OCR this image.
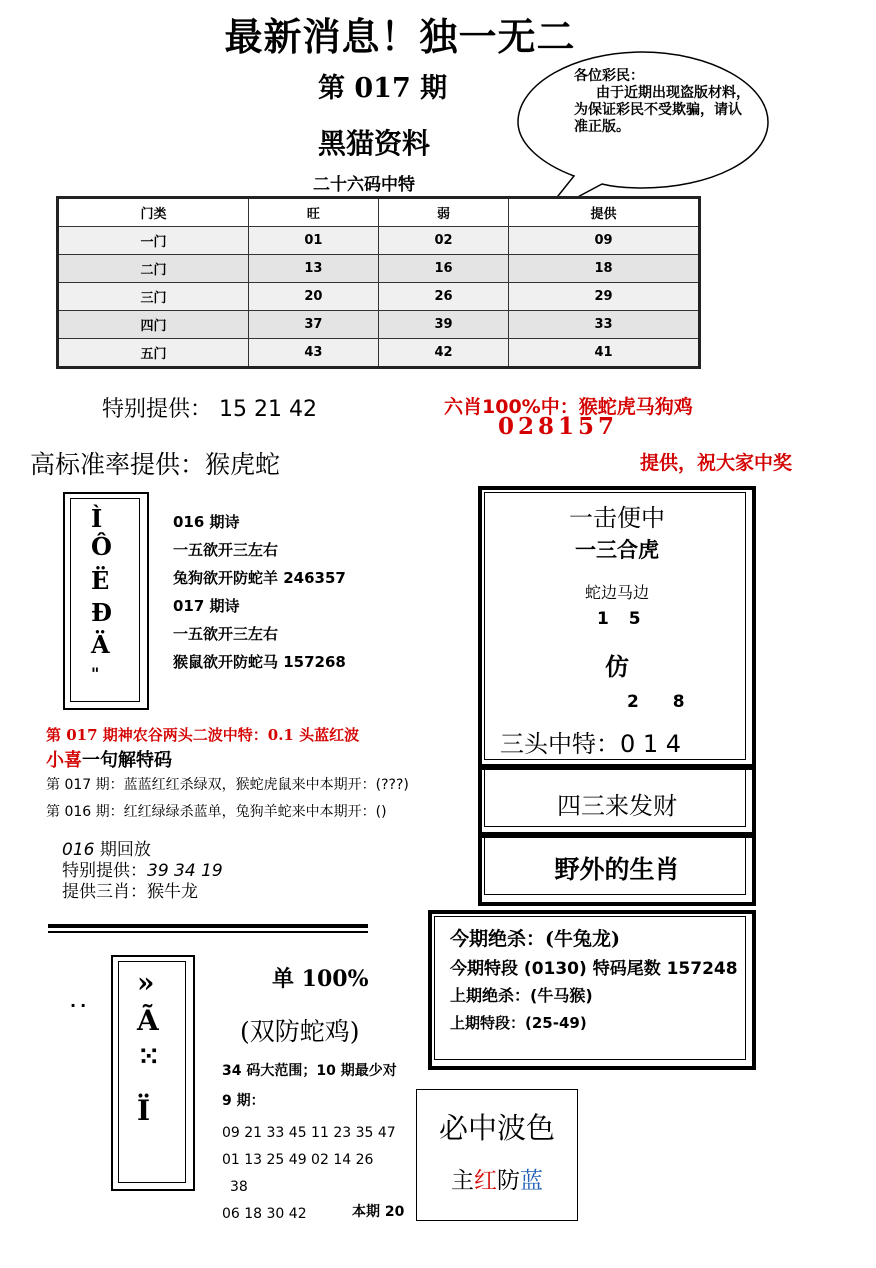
最新消息！独一无二
第 017 期
黑猫资料
二十六码中特
各位彩民：
由于近期出现盗版材料，为保证彩民不受欺骗，请认准正版。
门类	旺	弱	提供
一门	01	02	09
二门	13	16	18
三门	20	26	29
四门	37	39	33
五门	43	42	41
特别提供： 15 21 42	六肖100%中：猴蛇虎马狗鸡
028157
高标准率提供：猴虎蛇	提供，祝大家中奖
Ì
Ô
Ë
Ð
Ä
"
016 期诗
一五欲开三左右
兔狗欲开防蛇羊 246357
017 期诗
一五欲开三左右
猴鼠欲开防蛇马 157268
一击便中
一三合虎
蛇边马边
1 5
仿
2 8
三头中特：0 1 4
四三来发财
野外的生肖
第 017 期神农谷两头二波中特：0.1 头蓝红波
小喜一句解特码
第 017 期：蓝蓝红红杀绿双，猴蛇虎鼠来中本期开：(???)
第 016 期：红红绿绿杀蓝单，兔狗羊蛇来中本期开：()
016 期回放
特别提供：39 34 19
提供三肖：猴牛龙
今期绝杀：(牛兔龙)
今期特段 (0130) 特码尾数 157248
上期绝杀：(牛马猴)
上期特段：(25-49)
..
»
Ã
⁙
Ï
单 100%
(双防蛇鸡)
34 码大范围；10 期最少对
9 期：
09 21 33 45 11 23 35 47
01 13 25 49 02 14 26
38
06 18 30 42	本期 20
必中波色
主红防蓝
